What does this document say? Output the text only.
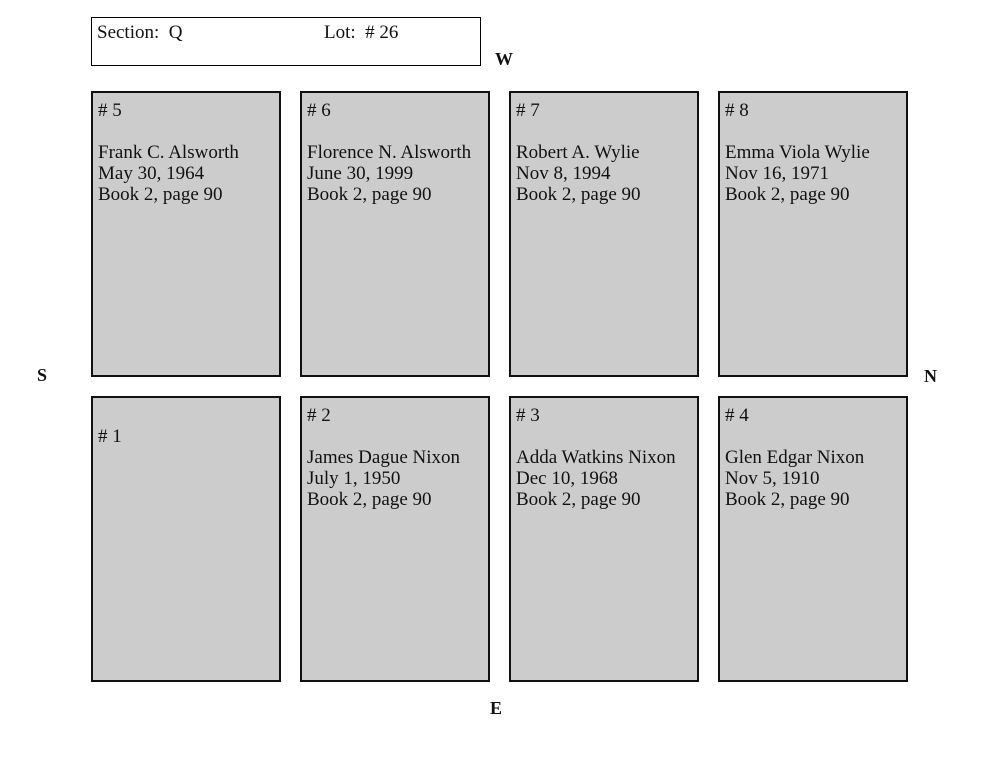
Section:  Q	Lot:  # 26
W
S	N
E
# 5
Frank C. Alsworth
May 30, 1964
Book 2, page 90
# 6
Florence N. Alsworth
June 30, 1999
Book 2, page 90
# 7
Robert A. Wylie
Nov 8, 1994
Book 2, page 90
# 8
Emma Viola Wylie
Nov 16, 1971
Book 2, page 90
# 1
# 2
James Dague Nixon
July 1, 1950
Book 2, page 90
# 3
Adda Watkins Nixon
Dec 10, 1968
Book 2, page 90
# 4
Glen Edgar Nixon
Nov 5, 1910
Book 2, page 90
